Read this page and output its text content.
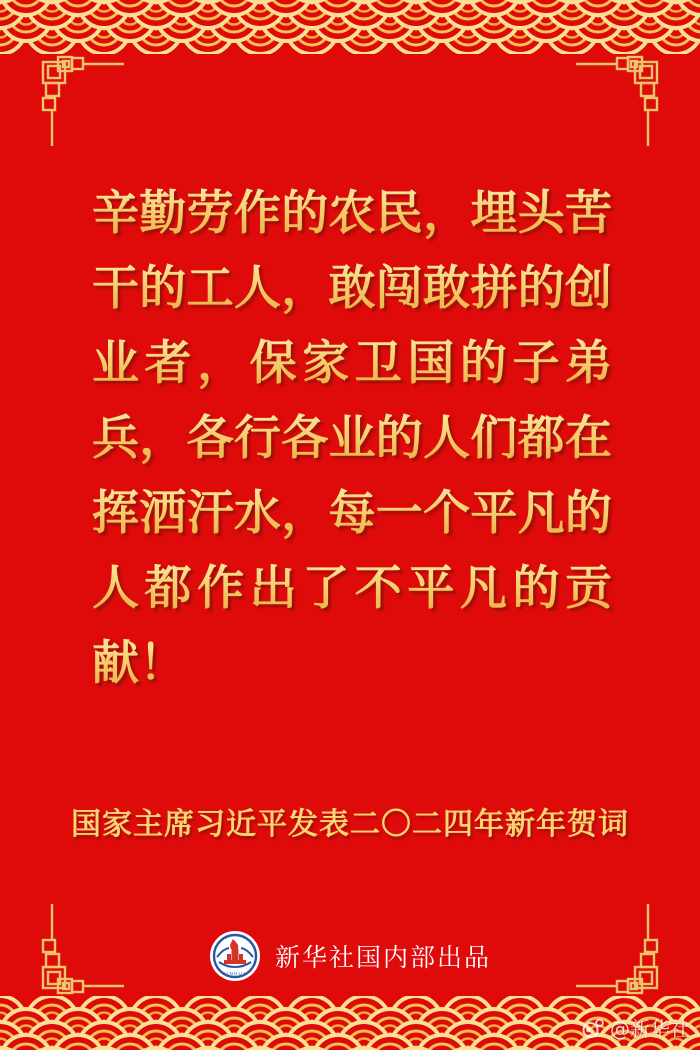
辛勤劳作的农民，埋头苦
干的工人，敢闯敢拼的创
业者，保家卫国的子弟
兵，各行各业的人们都在
挥洒汗水，每一个平凡的
人都作出了不平凡的贡
献！
国家主席习近平发表二〇二四年新年贺词
XINHUA
新华社国内部出品
@新华社
